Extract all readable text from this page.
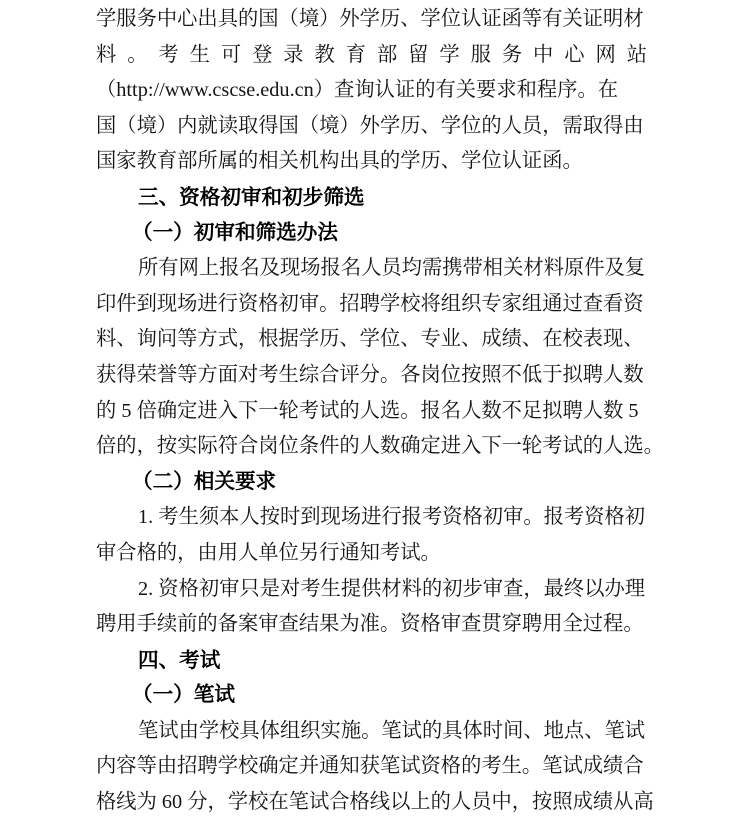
学服务中心出具的国（境）外学历、学位认证函等有关证明材
料。考生可登录教育部留学服务中心网站
（http://www.cscse.edu.cn）查询认证的有关要求和程序。在
国（境）内就读取得国（境）外学历、学位的人员，需取得由
国家教育部所属的相关机构出具的学历、学位认证函。
三、资格初审和初步筛选
（一）初审和筛选办法
所有网上报名及现场报名人员均需携带相关材料原件及复
印件到现场进行资格初审。招聘学校将组织专家组通过查看资
料、询问等方式，根据学历、学位、专业、成绩、在校表现、
获得荣誉等方面对考生综合评分。各岗位按照不低于拟聘人数
的 5 倍确定进入下一轮考试的人选。报名人数不足拟聘人数 5
倍的，按实际符合岗位条件的人数确定进入下一轮考试的人选。
（二）相关要求
1. 考生须本人按时到现场进行报考资格初审。报考资格初
审合格的，由用人单位另行通知考试。
2. 资格初审只是对考生提供材料的初步审查，最终以办理
聘用手续前的备案审查结果为准。资格审查贯穿聘用全过程。
四、考试
（一）笔试
笔试由学校具体组织实施。笔试的具体时间、地点、笔试
内容等由招聘学校确定并通知获笔试资格的考生。笔试成绩合
格线为 60 分，学校在笔试合格线以上的人员中，按照成绩从高
